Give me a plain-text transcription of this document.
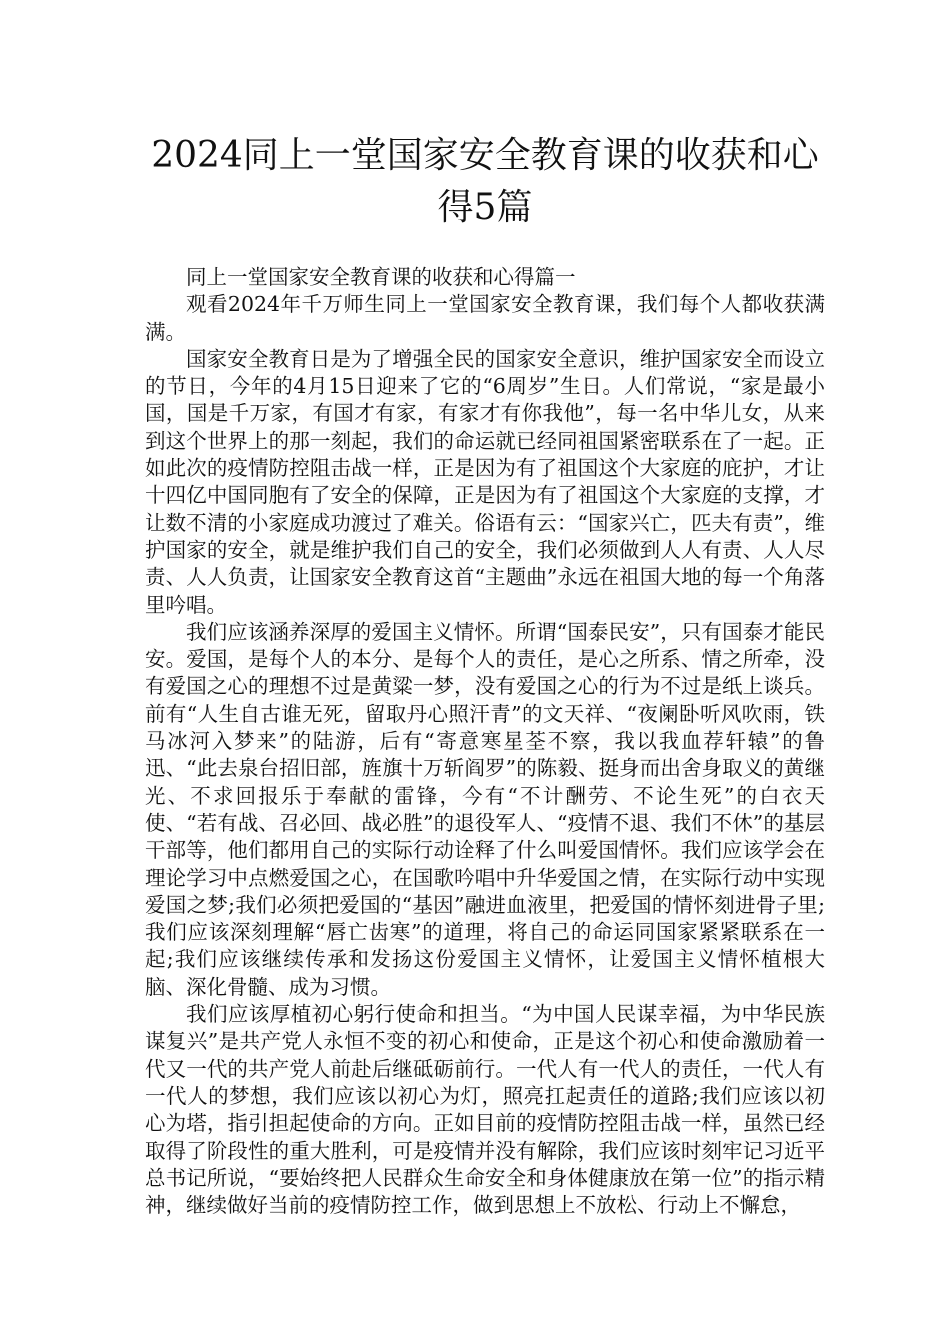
2024同上一堂国家安全教育课的收获和心
得5篇

同上一堂国家安全教育课的收获和心得篇一

观看2024年千万师生同上一堂国家安全教育课，我们每个人都收获满满。

国家安全教育日是为了增强全民的国家安全意识，维护国家安全而设立的节日，今年的4月15日迎来了它的“6周岁”生日。人们常说，“家是最小国，国是千万家，有国才有家，有家才有你我他”，每一名中华儿女，从来到这个世界上的那一刻起，我们的命运就已经同祖国紧密联系在了一起。正如此次的疫情防控阻击战一样，正是因为有了祖国这个大家庭的庇护，才让十四亿中国同胞有了安全的保障，正是因为有了祖国这个大家庭的支撑，才让数不清的小家庭成功渡过了难关。俗语有云：“国家兴亡，匹夫有责”，维护国家的安全，就是维护我们自己的安全，我们必须做到人人有责、人人尽责、人人负责，让国家安全教育这首“主题曲”永远在祖国大地的每一个角落里吟唱。

我们应该涵养深厚的爱国主义情怀。所谓“国泰民安”，只有国泰才能民安。爱国，是每个人的本分、是每个人的责任，是心之所系、情之所牵，没有爱国之心的理想不过是黄粱一梦，没有爱国之心的行为不过是纸上谈兵。前有“人生自古谁无死，留取丹心照汗青”的文天祥、“夜阑卧听风吹雨，铁马冰河入梦来”的陆游，后有“寄意寒星荃不察，我以我血荐轩辕”的鲁迅、“此去泉台招旧部，旌旗十万斩阎罗”的陈毅、挺身而出舍身取义的黄继光、不求回报乐于奉献的雷锋，今有“不计酬劳、不论生死”的白衣天使、“若有战、召必回、战必胜”的退役军人、“疫情不退、我们不休”的基层干部等，他们都用自己的实际行动诠释了什么叫爱国情怀。我们应该学会在理论学习中点燃爱国之心，在国歌吟唱中升华爱国之情，在实际行动中实现爱国之梦;我们必须把爱国的“基因”融进血液里，把爱国的情怀刻进骨子里;我们应该深刻理解“唇亡齿寒”的道理，将自己的命运同国家紧紧联系在一起;我们应该继续传承和发扬这份爱国主义情怀，让爱国主义情怀植根大脑、深化骨髓、成为习惯。

我们应该厚植初心躬行使命和担当。“为中国人民谋幸福，为中华民族谋复兴”是共产党人永恒不变的初心和使命，正是这个初心和使命激励着一代又一代的共产党人前赴后继砥砺前行。一代人有一代人的责任，一代人有一代人的梦想，我们应该以初心为灯，照亮扛起责任的道路;我们应该以初心为塔，指引担起使命的方向。正如目前的疫情防控阻击战一样，虽然已经取得了阶段性的重大胜利，可是疫情并没有解除，我们应该时刻牢记习近平总书记所说，“要始终把人民群众生命安全和身体健康放在第一位”的指示精神，继续做好当前的疫情防控工作，做到思想上不放松、行动上不懈怠，
